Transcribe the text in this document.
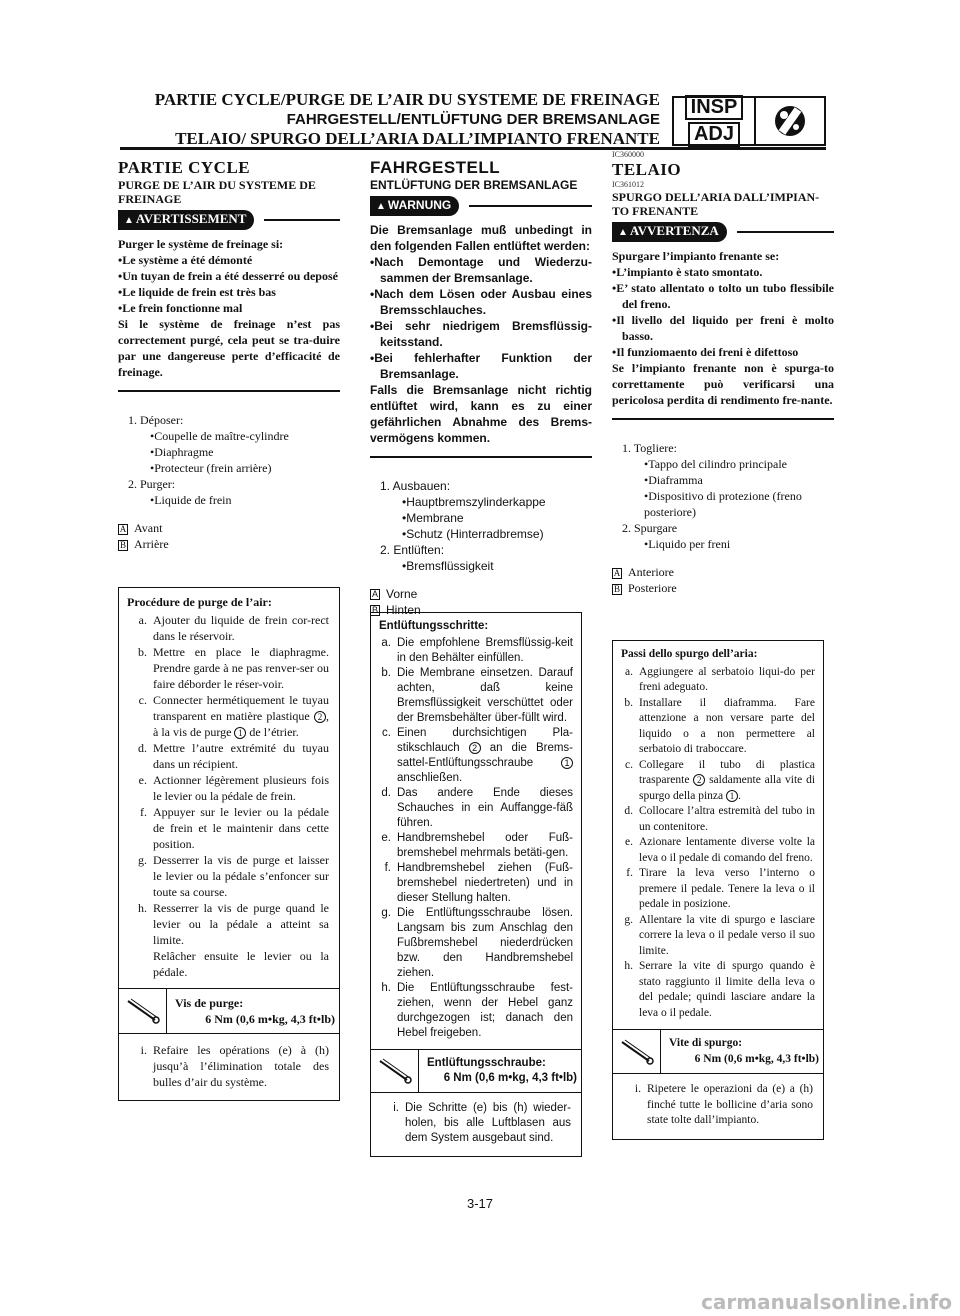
PARTIE CYCLE/PURGE DE L’AIR DU SYSTEME DE FREINAGE
FAHRGESTELL/ENTLÜFTUNG DER BREMSANLAGE
TELAIO/ SPURGO DELL’ARIA DALL’IMPIANTO FRENANTE
INSP
ADJ
PARTIE CYCLE
PURGE DE L’AIR DU SYSTEME DE FREINAGE
▲ AVERTISSEMENT

Purger le système de freinage si:

•Le système a été démonté

•Un tuyan de frein a été desserré ou deposé

•Le liquide de frein est très bas

•Le frein fonctionne mal

Si le système de freinage n’est pas correctement purgé, cela peut se tra-duire par une dangereuse perte d’efficacité de freinage.

1. Déposer:
•Coupelle de maître-cylindre
•Diaphragme
•Protecteur (frein arrière)
2. Purger:
•Liquide de frein
A Avant
B Arrière
Procédure de purge de l’air:
a. Ajouter du liquide de frein cor-rect dans le réservoir.
b. Mettre en place le diaphragme. Prendre garde à ne pas renver-ser ou faire déborder le réser-voir.
c. Connecter hermétiquement le tuyau transparent en matière plastique 2 , à la vis de purge 1 de l’étrier.
d. Mettre l’autre extrémité du tuyau dans un récipient.
e. Actionner légèrement plusieurs fois le levier ou la pédale de frein.
f. Appuyer sur le levier ou la pédale de frein et le maintenir dans cette position.
g. Desserrer la vis de purge et laisser le levier ou la pédale s’enfoncer sur toute sa course.
h. Resserrer la vis de purge quand le levier ou la pédale a atteint sa limite.
Relâcher ensuite le levier ou la pédale.
Vis de purge:
6 Nm (0,6 m•kg, 4,3 ft•lb)
i. Refaire les opérations (e) à (h) jusqu’à l’élimination totale des bulles d’air du système.
FAHRGESTELL
ENTLÜFTUNG DER BREMSANLAGE
▲ WARNUNG

Die Bremsanlage muß unbedingt in den folgenden Fallen entlüftet werden:

•Nach Demontage und Wiederzu-sammen der Bremsanlage.

•Nach dem Lösen oder Ausbau eines Bremsschlauches.

•Bei sehr niedrigem Bremsflüssig-keitsstand.

•Bei fehlerhafter Funktion der Bremsanlage.

Falls die Bremsanlage nicht richtig entlüftet wird, kann es zu einer gefährlichen Abnahme des Brems-vermögens kommen.

1. Ausbauen:
•Hauptbremszylinderkappe
•Membrane
•Schutz (Hinterradbremse)
2. Entlüften:
•Bremsflüssigkeit
A Vorne
B Hinten
Entlüftungsschritte:
a. Die empfohlene Bremsflüssig-keit in den Behälter einfüllen.
b. Die Membrane einsetzen. Darauf achten, daß keine Bremsflüssigkeit verschüttet oder der Bremsbehälter über-füllt wird.
c. Einen durchsichtigen Pla-stikschlauch 2 an die Brems-sattel-Entlüftungsschraube	1 anschließen.
d. Das andere Ende dieses Schauches in ein Auffangge-fäß führen.
e. Handbremshebel oder Fuß-bremshebel mehrmals betäti-gen.
f. Handbremshebel ziehen (Fuß-bremshebel niedertreten) und in dieser Stellung halten.
g. Die Entlüftungsschraube lösen. Langsam bis zum Anschlag den Fußbremshebel niederdrücken bzw. den Handbremshebel ziehen.
h. Die Entlüftungsschraube fest-ziehen, wenn der Hebel ganz durchgezogen ist; danach den Hebel freigeben.
Entlüftungsschraube:
6 Nm (0,6 m•kg, 4,3 ft•lb)
i. Die Schritte (e) bis (h) wieder-holen, bis alle Luftblasen aus dem System ausgebaut sind.
IC360000
TELAIO
IC361012
SPURGO DELL’ARIA DALL’IMPIAN-TO FRENANTE
▲ AVVERTENZA

Spurgare l’impianto frenante se:

•L’impianto è stato smontato.

•E’ stato allentato o tolto un tubo flessibile del freno.

•Il livello del liquido per freni è molto basso.

•Il funziomaento dei freni è difettoso

Se l’impianto frenante non è spurga-to correttamente può verificarsi una pericolosa perdita di rendimento fre-nante.

1. Togliere:
•Tappo del cilindro principale
•Diaframma
•Dispositivo di protezione (freno posteriore)
2. Spurgare
•Liquido per freni
A Anteriore
B Posteriore
Passi dello spurgo dell’aria:
a. Aggiungere al serbatoio liqui-do per freni adeguato.
b. Installare il diaframma. Fare attenzione a non versare parte del liquido o a non permettere al serbatoio di traboccare.
c. Collegare il tubo di plastica trasparente 2 saldamente alla vite di spurgo della pinza 1 .
d. Collocare l’altra estremità del tubo in un contenitore.
e. Azionare lentamente diverse volte la leva o il pedale di comando del freno.
f. Tirare la leva verso l’interno o premere il pedale. Tenere la leva o il pedale in posizione.
g. Allentare la vite di spurgo e lasciare correre la leva o il pedale verso il suo limite.
h. Serrare la vite di spurgo quando è stato raggiunto il limite della leva o del pedale; quindi lasciare andare la leva o il pedale.
Vite di spurgo:
6 Nm (0,6 m•kg, 4,3 ft•lb)
i. Ripetere le operazioni da (e) a (h) finché tutte le bollicine d’aria sono state tolte dall’impianto.
3-17
carmanualsonline.info
